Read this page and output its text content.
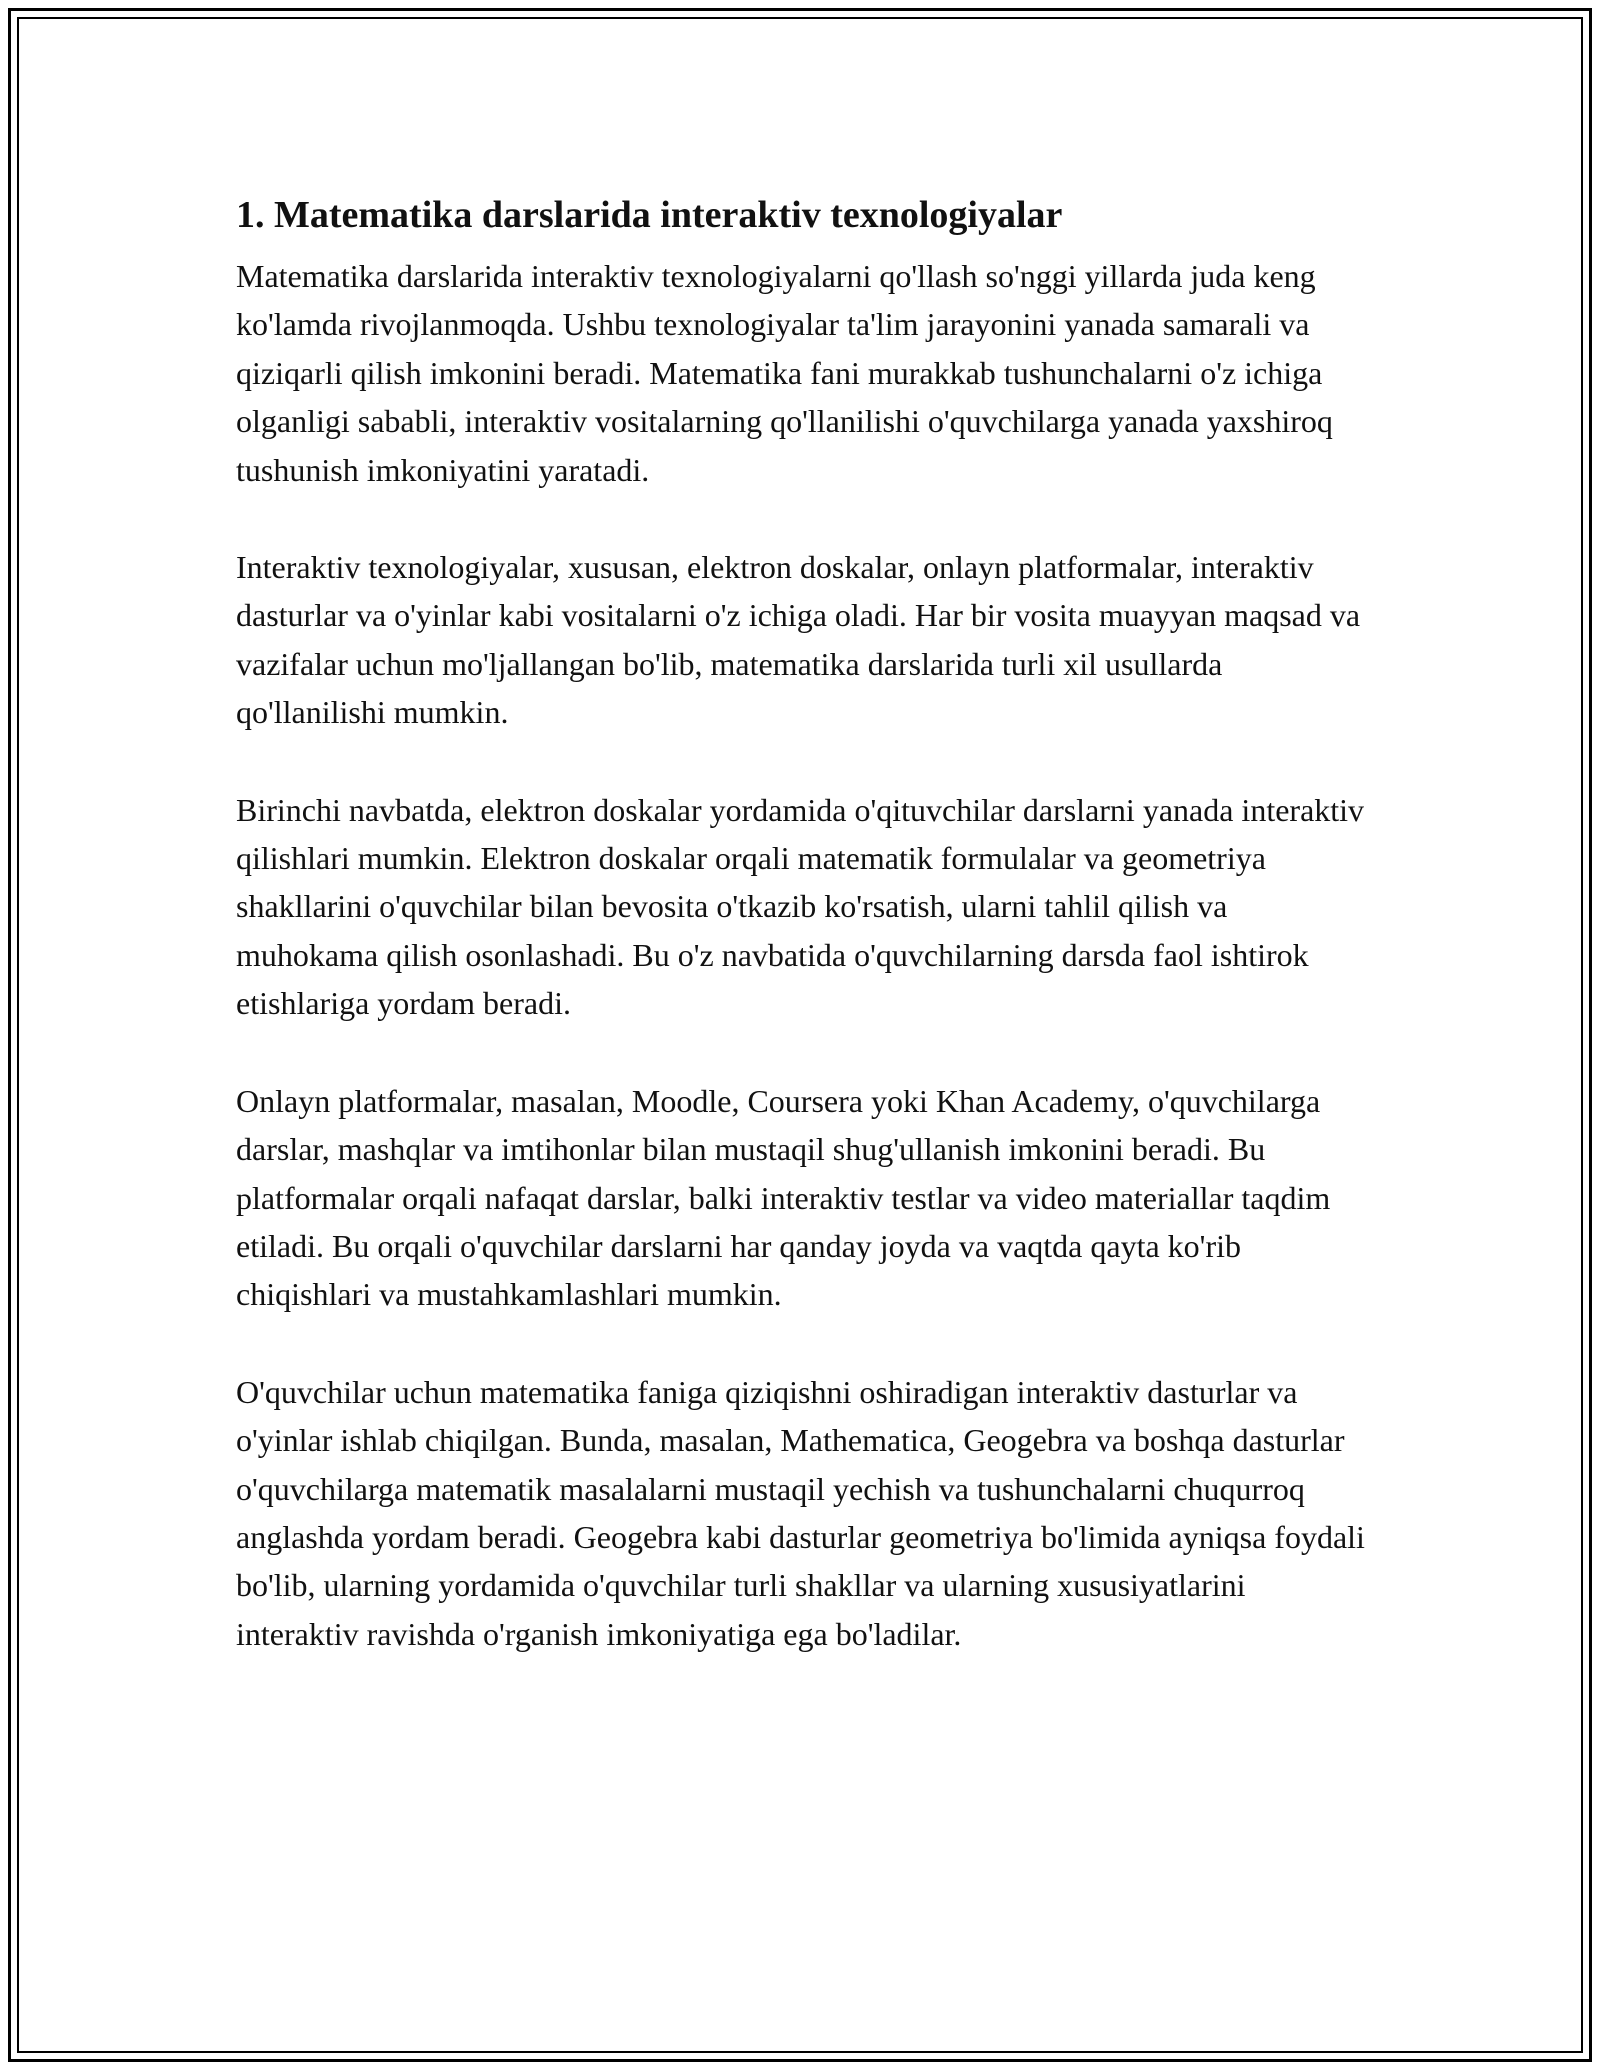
1. Matematika darslarida interaktiv texnologiyalar

Matematika darslarida interaktiv texnologiyalarni qo'llash so'nggi yillarda juda keng ko'lamda rivojlanmoqda. Ushbu texnologiyalar ta'lim jarayonini yanada samarali va qiziqarli qilish imkonini beradi. Matematika fani murakkab tushunchalarni o'z ichiga olganligi sababli, interaktiv vositalarning qo'llanilishi o'quvchilarga yanada yaxshiroq tushunish imkoniyatini yaratadi.

Interaktiv texnologiyalar, xususan, elektron doskalar, onlayn platformalar, interaktiv dasturlar va o'yinlar kabi vositalarni o'z ichiga oladi. Har bir vosita muayyan maqsad va vazifalar uchun mo'ljallangan bo'lib, matematika darslarida turli xil usullarda qo'llanilishi mumkin.

Birinchi navbatda, elektron doskalar yordamida o'qituvchilar darslarni yanada interaktiv qilishlari mumkin. Elektron doskalar orqali matematik formulalar va geometriya shakllarini o'quvchilar bilan bevosita o'tkazib ko'rsatish, ularni tahlil qilish va muhokama qilish osonlashadi. Bu o'z navbatida o'quvchilarning darsda faol ishtirok etishlariga yordam beradi.

Onlayn platformalar, masalan, Moodle, Coursera yoki Khan Academy, o'quvchilarga darslar, mashqlar va imtihonlar bilan mustaqil shug'ullanish imkonini beradi. Bu platformalar orqali nafaqat darslar, balki interaktiv testlar va video materiallar taqdim etiladi. Bu orqali o'quvchilar darslarni har qanday joyda va vaqtda qayta ko'rib chiqishlari va mustahkamlashlari mumkin.

O'quvchilar uchun matematika faniga qiziqishni oshiradigan interaktiv dasturlar va o'yinlar ishlab chiqilgan. Bunda, masalan, Mathematica, Geogebra va boshqa dasturlar o'quvchilarga matematik masalalarni mustaqil yechish va tushunchalarni chuqurroq anglashda yordam beradi. Geogebra kabi dasturlar geometriya bo'limida ayniqsa foydali bo'lib, ularning yordamida o'quvchilar turli shakllar va ularning xususiyatlarini interaktiv ravishda o'rganish imkoniyatiga ega bo'ladilar.
